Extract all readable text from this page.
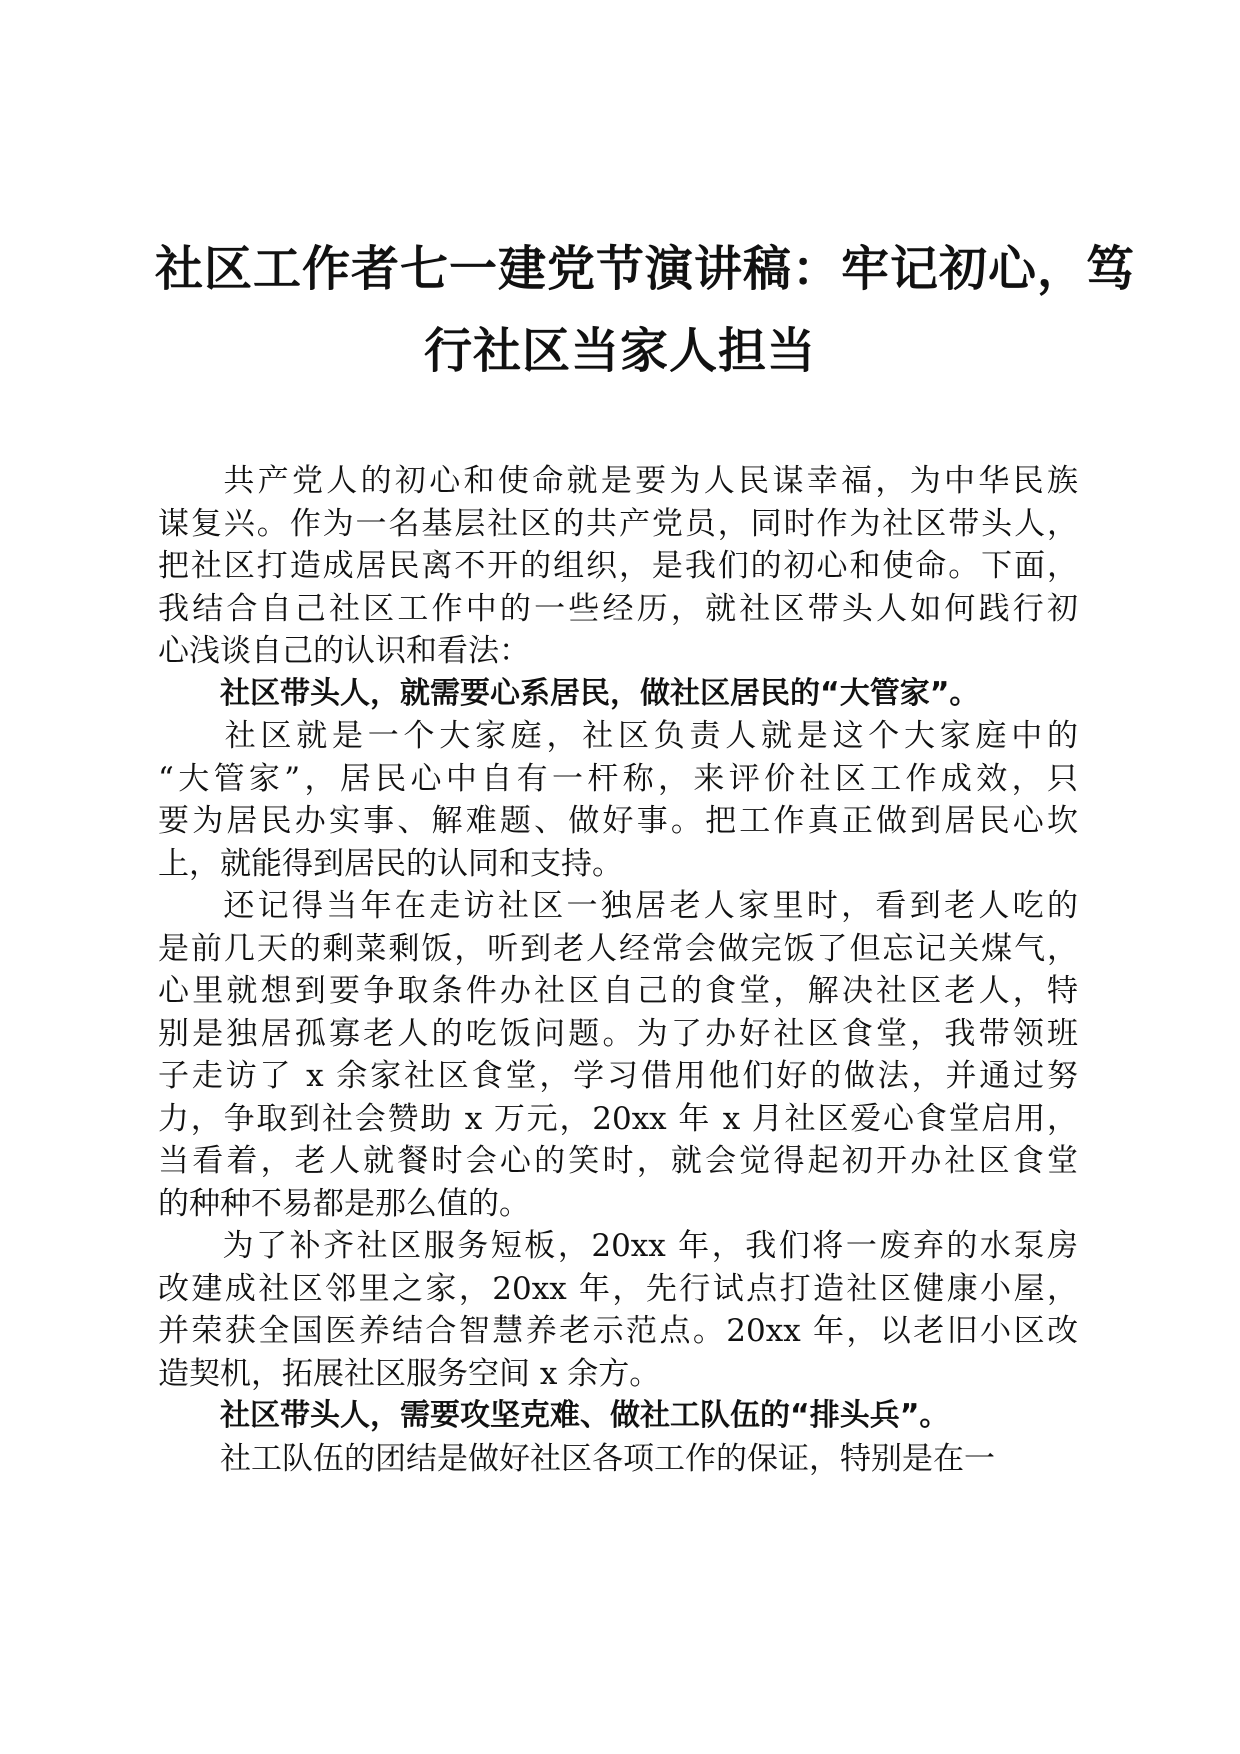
社区工作者七一建党节演讲稿：牢记初心，笃
行社区当家人担当
共产党人的初心和使命就是要为人民谋幸福，为中华民族
谋复兴。作为一名基层社区的共产党员，同时作为社区带头人，
把社区打造成居民离不开的组织，是我们的初心和使命。下面，
我结合自己社区工作中的一些经历，就社区带头人如何践行初
心浅谈自己的认识和看法：
社区带头人，就需要心系居民，做社区居民的“大管家”。
社区就是一个大家庭，社区负责人就是这个大家庭中的
“大管家”，居民心中自有一杆称，来评价社区工作成效，只
要为居民办实事、解难题、做好事。把工作真正做到居民心坎
上，就能得到居民的认同和支持。
还记得当年在走访社区一独居老人家里时，看到老人吃的
是前几天的剩菜剩饭，听到老人经常会做完饭了但忘记关煤气，
心里就想到要争取条件办社区自己的食堂，解决社区老人，特
别是独居孤寡老人的吃饭问题。为了办好社区食堂，我带领班
子走访了 x 余家社区食堂，学习借用他们好的做法，并通过努
力，争取到社会赞助 x 万元，20xx 年 x 月社区爱心食堂启用，
当看着，老人就餐时会心的笑时，就会觉得起初开办社区食堂
的种种不易都是那么值的。
为了补齐社区服务短板，20xx 年，我们将一废弃的水泵房
改建成社区邻里之家，20xx 年，先行试点打造社区健康小屋，
并荣获全国医养结合智慧养老示范点。20xx 年，以老旧小区改
造契机，拓展社区服务空间 x 余方。
社区带头人，需要攻坚克难、做社工队伍的“排头兵”。
社工队伍的团结是做好社区各项工作的保证，特别是在一
